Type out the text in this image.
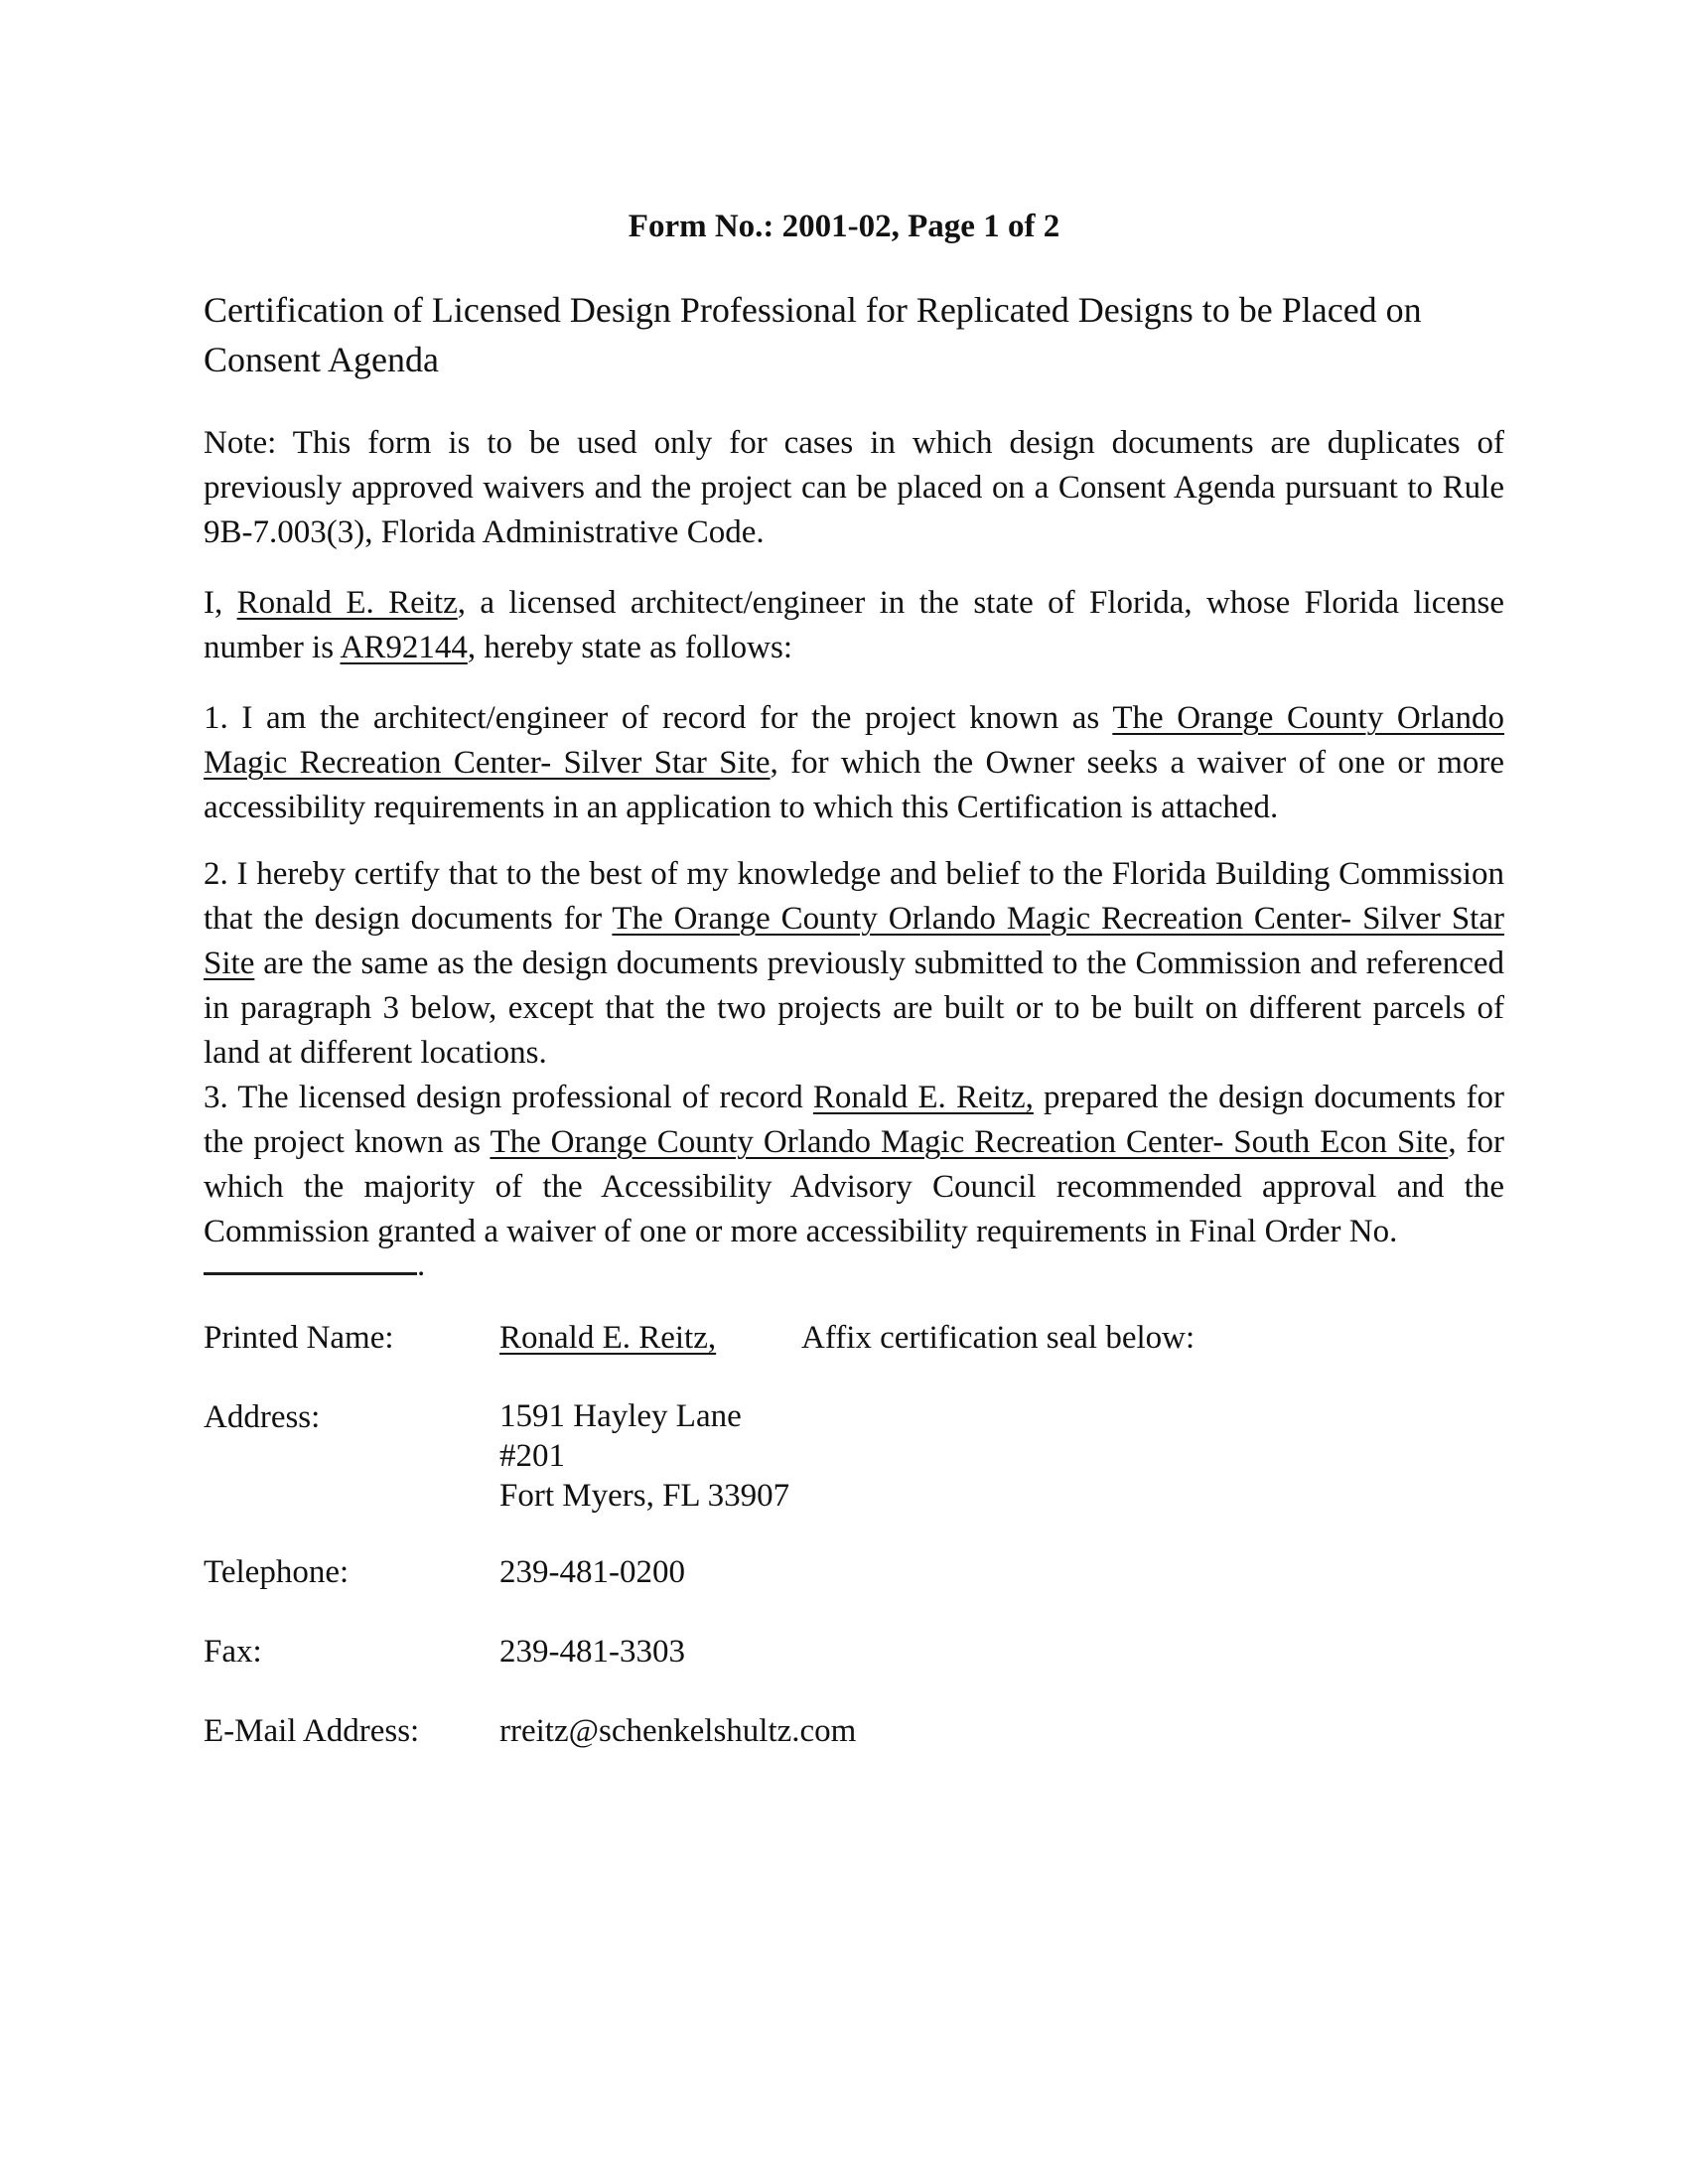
Form No.: 2001-02, Page 1 of 2
Certification of Licensed Design Professional for Replicated Designs to be Placed on Consent Agenda

Note: This form is to be used only for cases in which design documents are duplicates of previously approved waivers and the project can be placed on a Consent Agenda pursuant to Rule 9B-7.003(3), Florida Administrative Code.

I, Ronald E. Reitz, a licensed architect/engineer in the state of Florida, whose Florida license number is AR92144, hereby state as follows:

1. I am the architect/engineer of record for the project known as The Orange County Orlando Magic Recreation Center- Silver Star Site, for which the Owner seeks a waiver of one or more accessibility requirements in an application to which this Certification is attached.

2. I hereby certify that to the best of my knowledge and belief to the Florida Building Commission that the design documents for The Orange County Orlando Magic Recreation Center- Silver Star Site are the same as the design documents previously submitted to the Commission and referenced in paragraph 3 below, except that the two projects are built or to be built on different parcels of land at different locations.

3. The licensed design professional of record Ronald E. Reitz, prepared the design documents for the project known as The Orange County Orlando Magic Recreation Center- South Econ Site, for which the majority of the Accessibility Advisory Council recommended approval and the Commission granted a waiver of one or more accessibility requirements in Final Order No.

.
Printed Name:	Ronald E. Reitz,	Affix certification seal below:
Address:	1591 Hayley Lane
#201
Fort Myers, FL 33907
Telephone:	239-481-0200
Fax:	239-481-3303
E-Mail Address:	rreitz@schenkelshultz.com
